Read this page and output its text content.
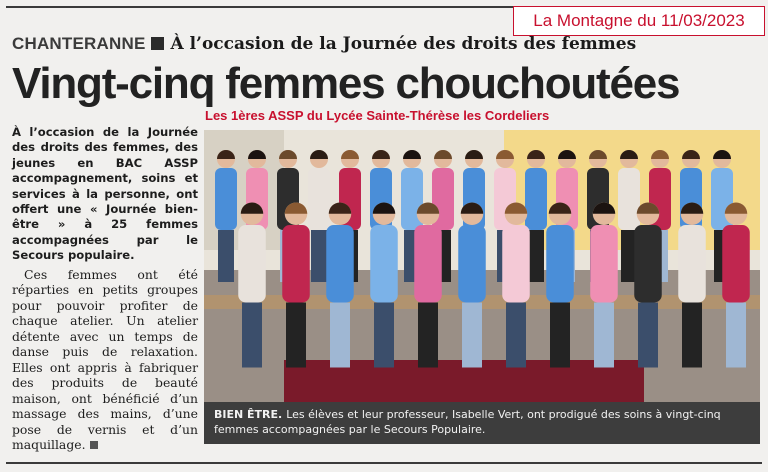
La Montagne du 11/03/2023
CHANTERANNE À l’occasion de la Journée des droits des femmes
Vingt-cinq femmes chouchoutées
Les 1ères ASSP du Lycée Sainte-Thérèse les Cordeliers

À l’occasion de la Journée des droits des femmes, des jeunes en BAC ASSP accompagnement, soins et services à la personne, ont offert une « Journée bien-être » à 25 femmes accompagnées par le Secours populaire.

Ces femmes ont été réparties en petits groupes pour pouvoir profiter de chaque atelier. Un atelier détente avec un temps de danse puis de relaxation. Elles ont appris à fabriquer des produits de beauté maison, ont bénéficié d’un massage des mains, d’une pose de vernis et d’un maquillage.

BIEN ÊTRE. Les élèves et leur professeur, Isabelle Vert, ont prodigué des soins à vingt-cinq femmes accompagnées par le Secours Populaire.
